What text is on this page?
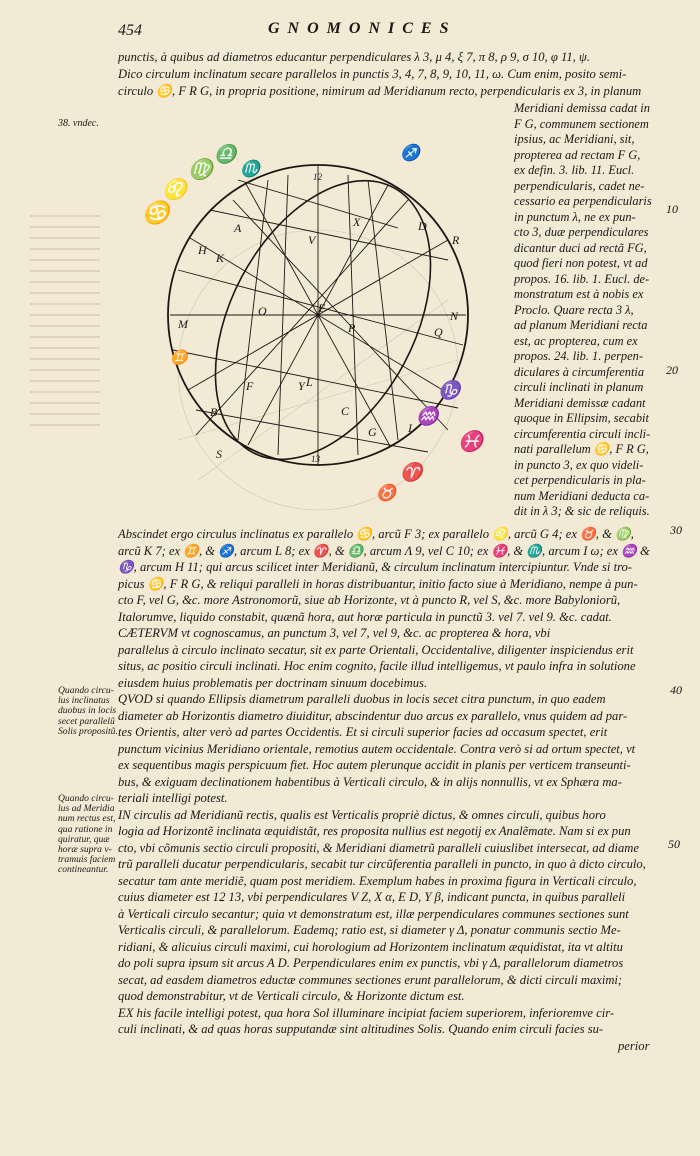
454	GNOMONICES
38. vndec.
punctis, à quibus ad diametros educantur perpendiculares λ 3, μ 4, ξ 7, π 8, ρ 9, σ 10, φ 11, ψ.
Dico circulum inclinatum secare parallelos in punctis 3, 4, 7, 8, 9, 10, 11, ω. Cum enim, posito semi-
circulo ♋, F R G, in propria positione, nimirum ad Meridianum recto, perpendicularis ex 3, in planum
Meridiani demissa cadat in
F G, communem sectionem
ipsius, ac Meridiani, sit,
propterea ad rectam F G,
ex defin. 3. lib. 11. Eucl.
perpendicularis, cadet ne-
cessario ea perpendicularis
in punctum λ, ne ex pun-
cto 3, duæ perpendiculares
dicantur duci ad rectã FG,
quod fieri non potest, vt ad
propos. 16. lib. 1. Eucl. de-
monstratum est à nobis ex
Proclo. Quare recta 3 λ,
ad planum Meridiani recta
est, ac propterea, cum ex
propos. 24. lib. 1. perpen-
diculares à circumferentia
circuli inclinati in planum
Meridiani demissæ cadant
quoque in Ellipsim, secabit
circumferentia circuli incli-
nati parallelum ♋, F R G,
in puncto 3, ex quo videli-
cet perpendicularis in pla-
num Meridiani deducta ca-
dit in λ 3; & sic de reliquis.
12
13
A
K
H
M
B
F
O
P
E
D
N
R
Q
V
X
C
L
G
S
I
Y
♋
♌
♍
♎
♏
♐
♑
♒
♓
♈
♉
♊
Abscindet ergo circulus inclinatus ex parallelo ♋, arcũ F 3; ex parallelo ♌, arcũ G 4; ex ♉, & ♍,
arcũ K 7; ex ♊, & ♐, arcum L 8; ex ♈, & ♎, arcum Λ 9, vel C 10; ex ♓, & ♏, arcum I ω; ex ♒ &
♑, arcum H 11; qui arcus scilicet inter Meridianũ, & circulum inclinatum intercipiuntur. Vnde si tro-
picus ♋, F R G, & reliqui paralleli in horas distribuantur, initio facto siue à Meridiano, nempe à pun-
cto F, vel G, &c. more Astronomorũ, siue ab Horizonte, vt à puncto R, vel S, &c. more Babyloniorũ,
Italorumve, liquido constabit, quænã hora, aut horæ particula in punctũ 3. vel 7. vel 9. &c. cadat.
CÆTERVM vt cognoscamus, an punctum 3, vel 7, vel 9, &c. ac propterea & hora, vbi
parallelus à circulo inclinato secatur, sit ex parte Orientali, Occidentalive, diligenter inspiciendus erit
situs, ac positio circuli inclinati. Hoc enim cognito, facile illud intelligemus, vt paulo infra in solutione
eiusdem huius problematis per doctrinam sinuum docebimus.
QVOD si quando Ellipsis diametrum paralleli duobus in locis secet citra punctum, in quo eadem
diameter ab Horizontis diametro diuiditur, abscindentur duo arcus ex parallelo, vnus quidem ad par-
tes Orientis, alter verò ad partes Occidentis. Et si circuli superior facies ad occasum spectet, erit
punctum vicinius Meridiano orientale, remotius autem occidentale. Contra verò si ad ortum spectet, vt
ex sequentibus magis perspicuum fiet. Hoc autem plerunque accidit in planis per verticem transeunti-
bus, & exiguam declinationem habentibus à Verticali circulo, & in alijs nonnullis, vt ex Sphæra ma-
teriali intelligi potest.
IN circulis ad Meridianũ rectis, qualis est Verticalis propriè dictus, & omnes circuli, quibus horo
logia ad Horizontẽ inclinata æquidistãt, res proposita nullius est negotij ex Analẽmate. Nam si ex pun
cto, vbi cõmunis sectio circuli propositi, & Meridiani diametrũ paralleli cuiuslibet intersecat, ad diame
trũ paralleli ducatur perpendicularis, secabit tur circũferentia paralleli in puncto, in quo à dicto circulo,
secatur tam ante meridiẽ, quam post meridiem. Exemplum habes in proxima figura in Verticali circulo,
cuius diameter est 12 13, vbi perpendiculares V Z, X α, E D, Y β, indicant puncta, in quibus paralleli
à Verticali circulo secantur; quia vt demonstratum est, illæ perpendiculares communes sectiones sunt
Verticalis circuli, & parallelorum. Eademq; ratio est, si diameter γ Δ, ponatur communis sectio Me-
ridiani, & alicuius circuli maximi, cui horologium ad Horizontem inclinatum æquidistat, ita vt altitu
do poli supra ipsum sit arcus A D. Perpendiculares enim ex punctis, vbi γ Δ, parallelorum diametros
secat, ad easdem diametros eductæ communes sectiones erunt parallelorum, & dicti circuli maximi;
quod demonstrabitur, vt de Verticali circulo, & Horizonte dictum est.
EX his facile intelligi potest, qua hora Sol illuminare incipiat faciem superiorem, inferioremve cir-
culi inclinati, & ad quas horas supputandæ sint altitudines Solis. Quando enim circuli facies su-
perior
Quando circu-
lus inclinatus
duobus in locis
secet parallelũ
Solis propositũ.
Quando circu-
lus ad Meridia
num rectus est,
qua ratione in
quiratur, quæ
horæ supra v-
tramuis faciem
contineantur.
10
20
30
40
50
